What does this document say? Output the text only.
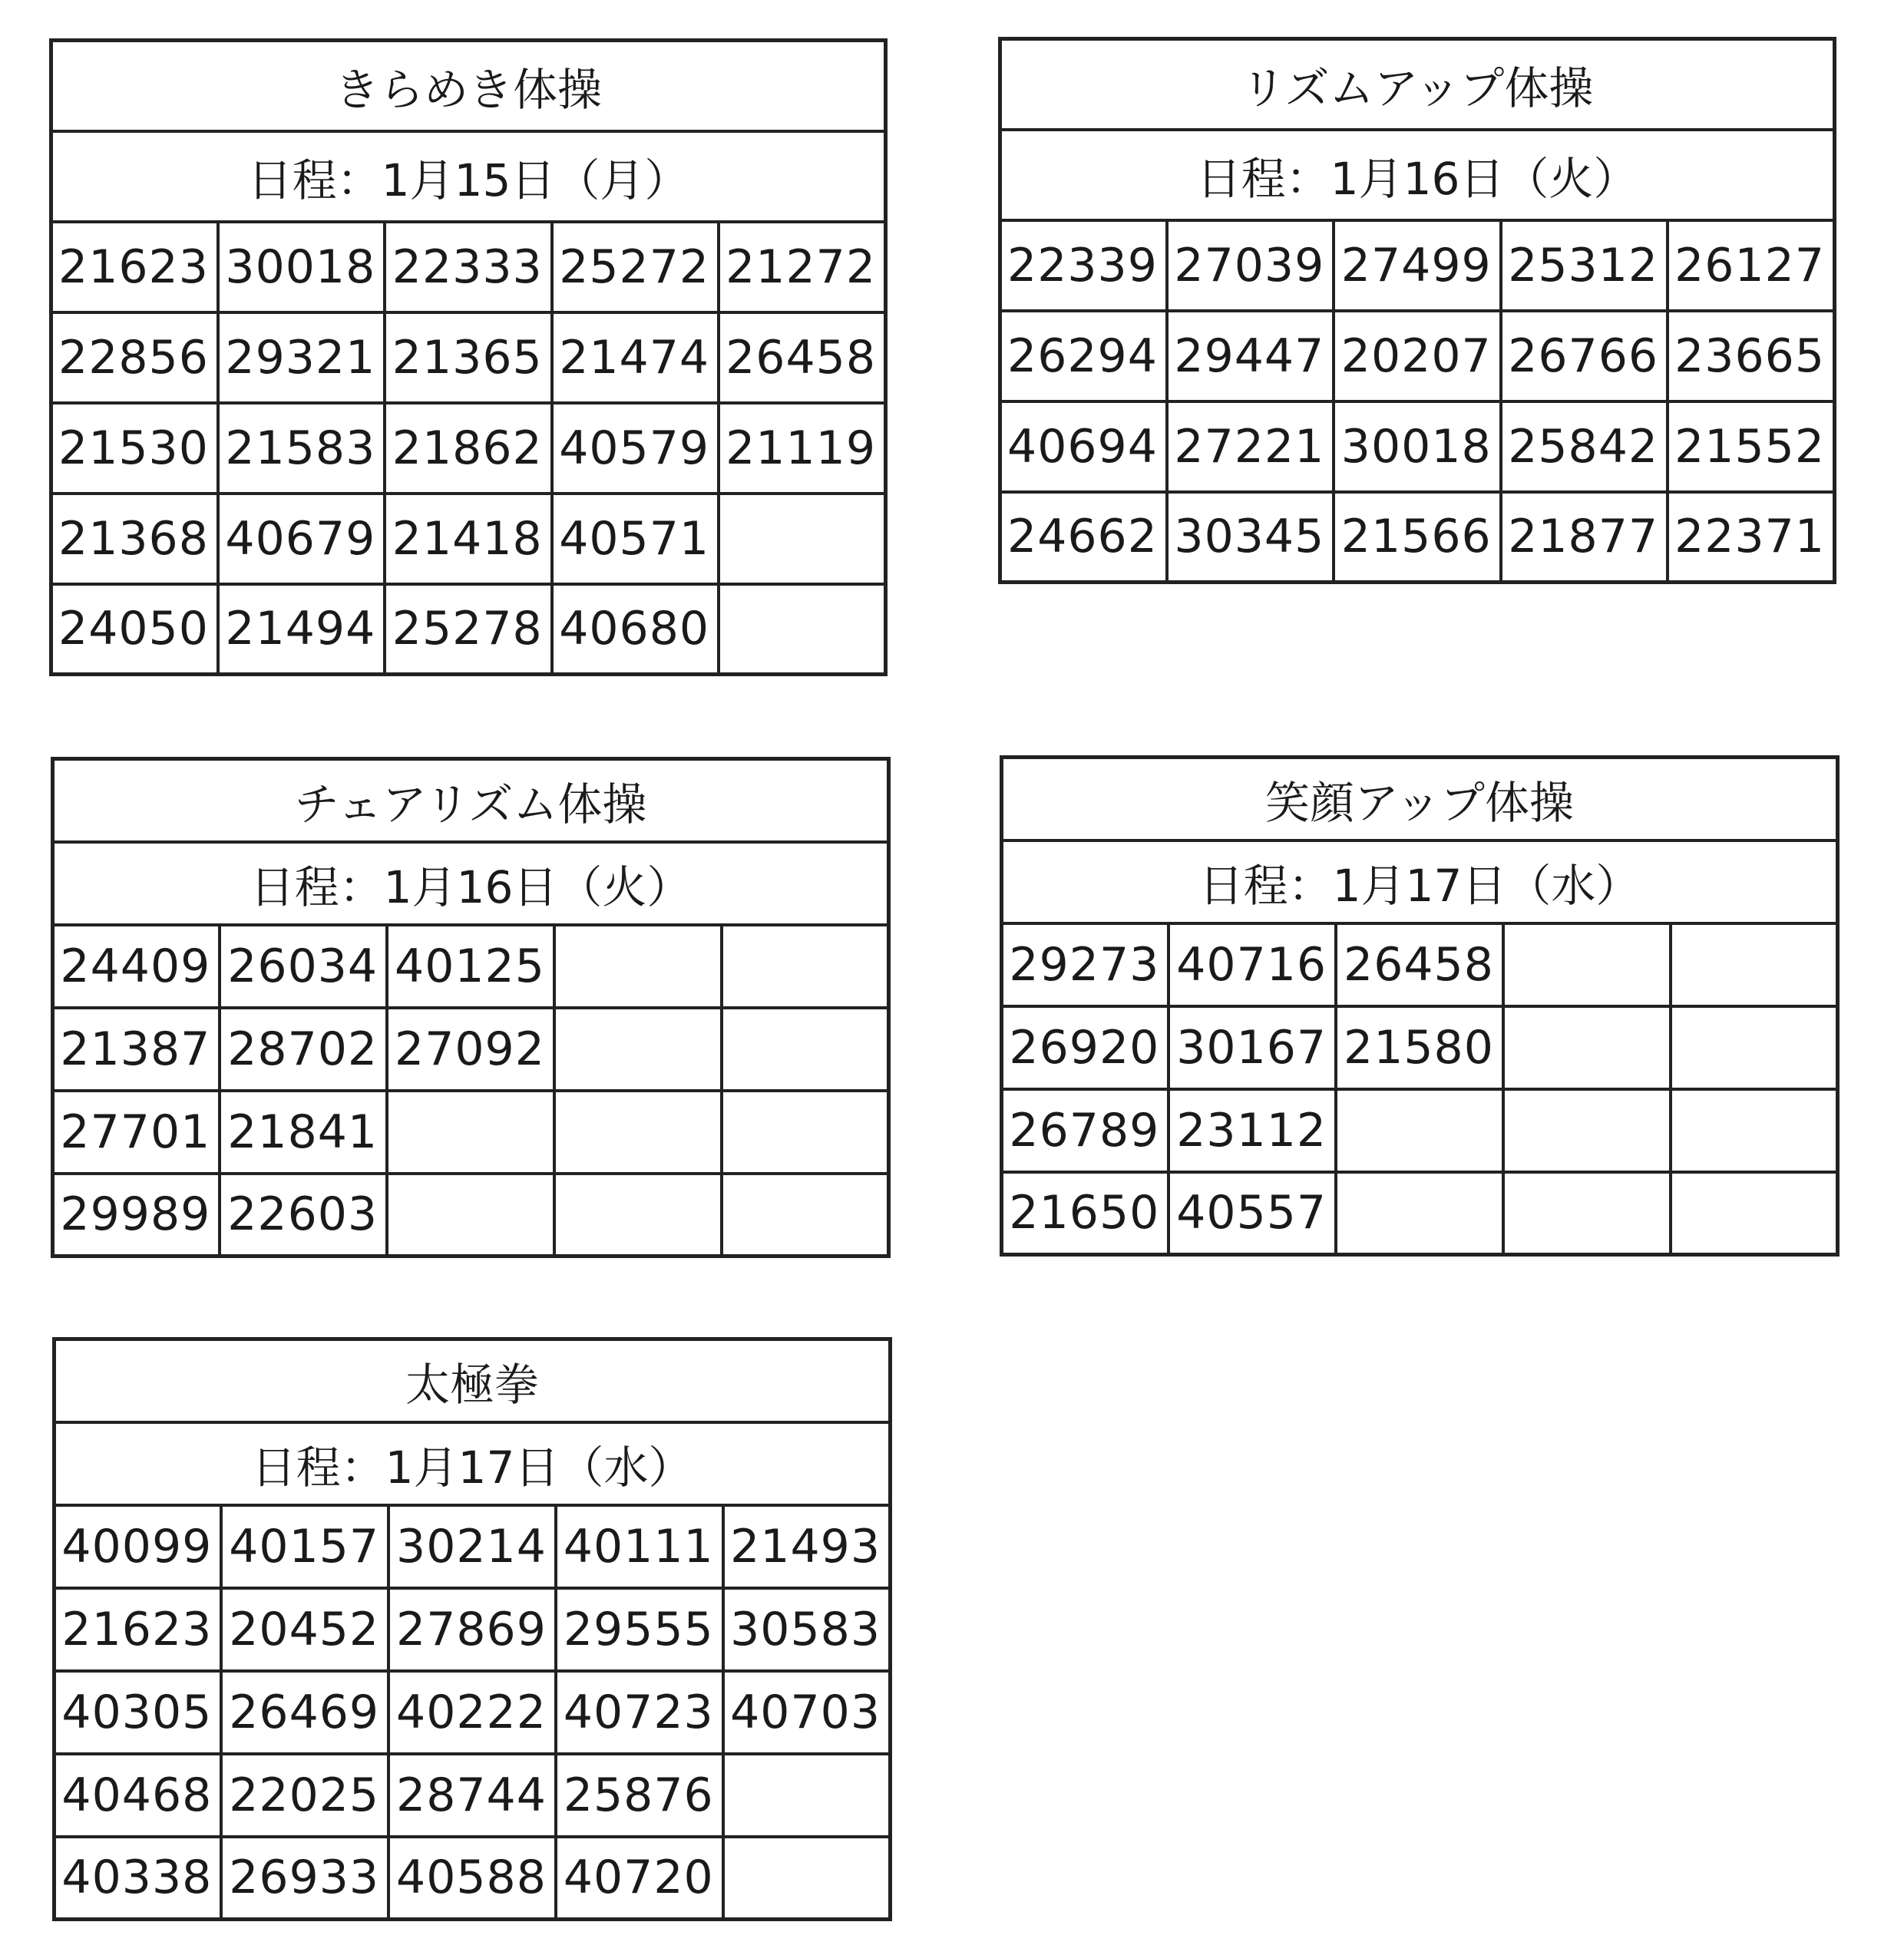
きらめき体操				
日程：1月15日（月）				
21623	30018	22333	25272	21272
22856	29321	21365	21474	26458
21530	21583	21862	40579	21119
21368	40679	21418	40571	
24050	21494	25278	40680	
リズムアップ体操				
日程：1月16日（火）				
22339	27039	27499	25312	26127
26294	29447	20207	26766	23665
40694	27221	30018	25842	21552
24662	30345	21566	21877	22371
チェアリズム体操				
日程：1月16日（火）				
24409	26034	40125		
21387	28702	27092		
27701	21841			
29989	22603			
笑顔アップ体操				
日程：1月17日（水）				
29273	40716	26458		
26920	30167	21580		
26789	23112			
21650	40557			
太極拳				
日程：1月17日（水）				
40099	40157	30214	40111	21493
21623	20452	27869	29555	30583
40305	26469	40222	40723	40703
40468	22025	28744	25876	
40338	26933	40588	40720	
